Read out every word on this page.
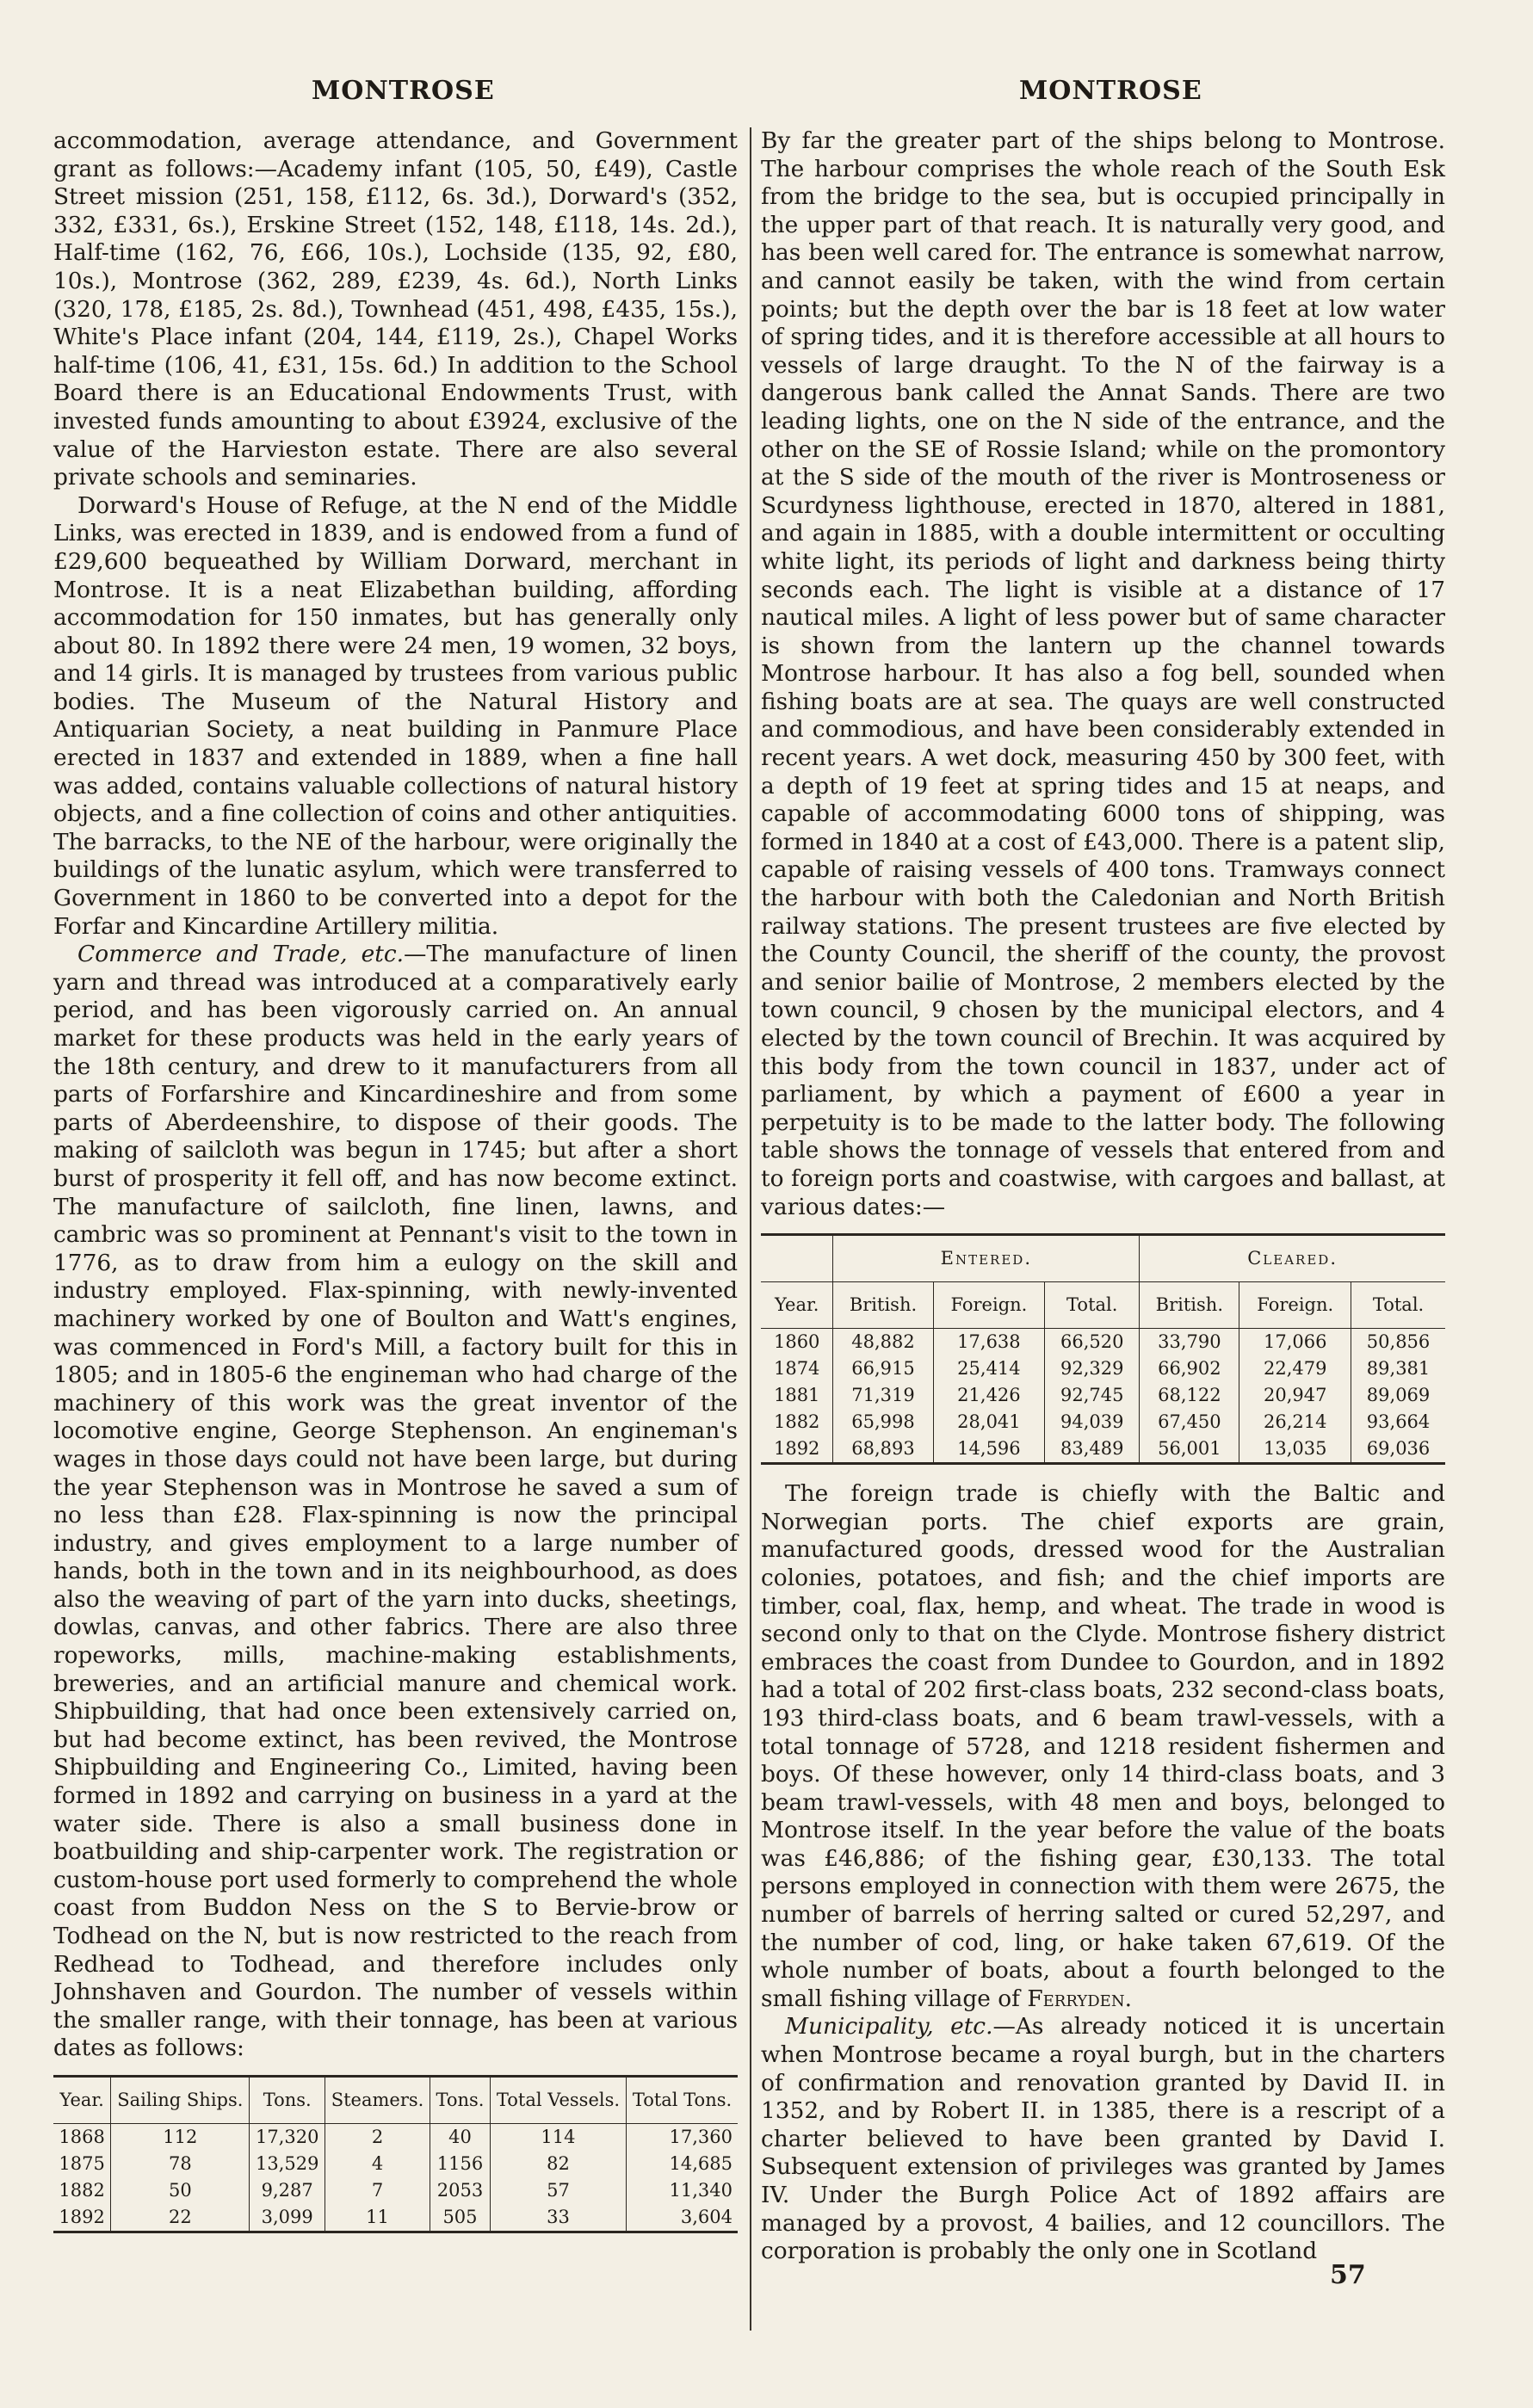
MONTROSE	MONTROSE

accommodation, average attendance, and Government grant as follows:—Academy infant (105, 50, £49), Castle Street mission (251, 158, £112, 6s. 3d.), Dorward's (352, 332, £331, 6s.), Erskine Street (152, 148, £118, 14s. 2d.), Half-time (162, 76, £66, 10s.), Lochside (135, 92, £80, 10s.), Montrose (362, 289, £239, 4s. 6d.), North Links (320, 178, £185, 2s. 8d.), Townhead (451, 498, £435, 15s.), White's Place infant (204, 144, £119, 2s.), Chapel Works half-time (106, 41, £31, 15s. 6d.) In addition to the School Board there is an Educational Endowments Trust, with invested funds amounting to about £3924, exclusive of the value of the Harvieston estate. There are also several private schools and seminaries.

Dorward's House of Refuge, at the N end of the Middle Links, was erected in 1839, and is endowed from a fund of £29,600 bequeathed by William Dorward, merchant in Montrose. It is a neat Elizabethan building, affording accommodation for 150 inmates, but has generally only about 80. In 1892 there were 24 men, 19 women, 32 boys, and 14 girls. It is managed by trustees from various public bodies. The Museum of the Natural History and Antiquarian Society, a neat building in Panmure Place erected in 1837 and extended in 1889, when a fine hall was added, contains valuable collections of natural history objects, and a fine collection of coins and other antiquities. The barracks, to the NE of the harbour, were originally the buildings of the lunatic asylum, which were transferred to Government in 1860 to be converted into a depot for the Forfar and Kincardine Artillery militia.

Commerce and Trade, etc.—The manufacture of linen yarn and thread was introduced at a comparatively early period, and has been vigorously carried on. An annual market for these products was held in the early years of the 18th century, and drew to it manufacturers from all parts of Forfarshire and Kincardineshire and from some parts of Aberdeenshire, to dispose of their goods. The making of sailcloth was begun in 1745; but after a short burst of prosperity it fell off, and has now become extinct. The manufacture of sailcloth, fine linen, lawns, and cambric was so prominent at Pennant's visit to the town in 1776, as to draw from him a eulogy on the skill and industry employed. Flax-spinning, with newly-invented machinery worked by one of Boulton and Watt's engines, was commenced in Ford's Mill, a factory built for this in 1805; and in 1805-6 the engineman who had charge of the machinery of this work was the great inventor of the locomotive engine, George Stephenson. An engineman's wages in those days could not have been large, but during the year Stephenson was in Montrose he saved a sum of no less than £28. Flax-spinning is now the principal industry, and gives employment to a large number of hands, both in the town and in its neighbourhood, as does also the weaving of part of the yarn into ducks, sheetings, dowlas, canvas, and other fabrics. There are also three ropeworks, mills, machine-making establishments, breweries, and an artificial manure and chemical work. Shipbuilding, that had once been extensively carried on, but had become extinct, has been revived, the Montrose Shipbuilding and Engineering Co., Limited, having been formed in 1892 and carrying on business in a yard at the water side. There is also a small business done in boatbuilding and ship-carpenter work. The registration or custom-house port used formerly to comprehend the whole coast from Buddon Ness on the S to Bervie-brow or Todhead on the N, but is now restricted to the reach from Redhead to Todhead, and therefore includes only Johnshaven and Gourdon. The number of vessels within the smaller range, with their tonnage, has been at various dates as follows:

Year.	Sailing Ships.	Tons.	Steamers.	Tons.	Total Vessels.	Total Tons.
1868	112	17,320	2	40	114	17,360
1875	78	13,529	4	1156	82	14,685
1882	50	9,287	7	2053	57	11,340
1892	22	3,099	11	505	33	3,604

By far the greater part of the ships belong to Montrose. The harbour comprises the whole reach of the South Esk from the bridge to the sea, but is occupied principally in the upper part of that reach. It is naturally very good, and has been well cared for. The entrance is somewhat narrow, and cannot easily be taken, with the wind from certain points; but the depth over the bar is 18 feet at low water of spring tides, and it is therefore accessible at all hours to vessels of large draught. To the N of the fairway is a dangerous bank called the Annat Sands. There are two leading lights, one on the N side of the entrance, and the other on the SE of Rossie Island; while on the promontory at the S side of the mouth of the river is Montroseness or Scurdyness lighthouse, erected in 1870, altered in 1881, and again in 1885, with a double intermittent or occulting white light, its periods of light and darkness being thirty seconds each. The light is visible at a distance of 17 nautical miles. A light of less power but of same character is shown from the lantern up the channel towards Montrose harbour. It has also a fog bell, sounded when fishing boats are at sea. The quays are well constructed and commodious, and have been considerably extended in recent years. A wet dock, measuring 450 by 300 feet, with a depth of 19 feet at spring tides and 15 at neaps, and capable of accommodating 6000 tons of shipping, was formed in 1840 at a cost of £43,000. There is a patent slip, capable of raising vessels of 400 tons. Tramways connect the harbour with both the Caledonian and North British railway stations. The present trustees are five elected by the County Council, the sheriff of the county, the provost and senior bailie of Montrose, 2 members elected by the town council, 9 chosen by the municipal electors, and 4 elected by the town council of Brechin. It was acquired by this body from the town council in 1837, under act of parliament, by which a payment of £600 a year in perpetuity is to be made to the latter body. The following table shows the tonnage of vessels that entered from and to foreign ports and coastwise, with cargoes and ballast, at various dates:—

	Entered.			Cleared.		
Year.	British.	Foreign.	Total.	British.	Foreign.	Total.
1860	48,882	17,638	66,520	33,790	17,066	50,856
1874	66,915	25,414	92,329	66,902	22,479	89,381
1881	71,319	21,426	92,745	68,122	20,947	89,069
1882	65,998	28,041	94,039	67,450	26,214	93,664
1892	68,893	14,596	83,489	56,001	13,035	69,036

The foreign trade is chiefly with the Baltic and Norwegian ports. The chief exports are grain, manufactured goods, dressed wood for the Australian colonies, potatoes, and fish; and the chief imports are timber, coal, flax, hemp, and wheat. The trade in wood is second only to that on the Clyde. Montrose fishery district embraces the coast from Dundee to Gourdon, and in 1892 had a total of 202 first-class boats, 232 second-class boats, 193 third-class boats, and 6 beam trawl-vessels, with a total tonnage of 5728, and 1218 resident fishermen and boys. Of these however, only 14 third-class boats, and 3 beam trawl-vessels, with 48 men and boys, belonged to Montrose itself. In the year before the value of the boats was £46,886; of the fishing gear, £30,133. The total persons employed in connection with them were 2675, the number of barrels of herring salted or cured 52,297, and the number of cod, ling, or hake taken 67,619. Of the whole number of boats, about a fourth belonged to the small fishing village of Ferryden.

Municipality, etc.—As already noticed it is uncertain when Montrose became a royal burgh, but in the charters of confirmation and renovation granted by David II. in 1352, and by Robert II. in 1385, there is a rescript of a charter believed to have been granted by David I. Subsequent extension of privileges was granted by James IV. Under the Burgh Police Act of 1892 affairs are managed by a provost, 4 bailies, and 12 councillors. The corporation is probably the only one in Scotland

57
